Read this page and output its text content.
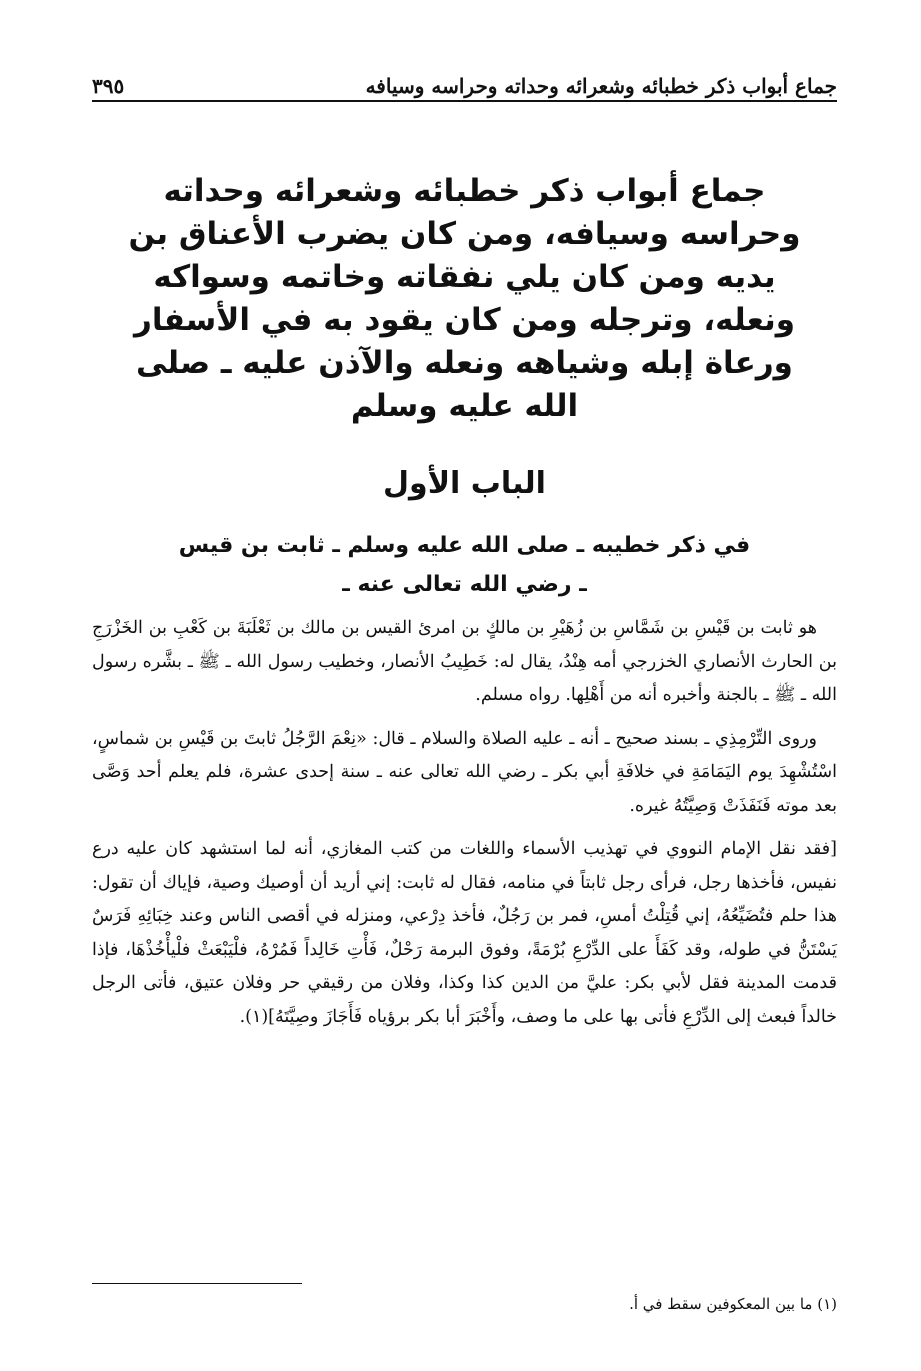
جماع أبواب ذكر خطبائه وشعرائه وحداته وحراسه وسيافه
٣٩٥
جماع أبواب ذكر خطبائه وشعرائه وحداته وحراسه وسيافه، ومن كان يضرب الأعناق بن يديه ومن كان يلي نفقاته وخاتمه وسواكه ونعله، وترجله ومن كان يقود به في الأسفار ورعاة إبله وشياهه ونعله والآذن عليه ـ صلى الله عليه وسلم
الباب الأول
في ذكر خطيبه ـ صلى الله عليه وسلم ـ ثابت بن قيس
ـ رضي الله تعالى عنه ـ

هو ثابت بن قَيْسِ بن شَمَّاسِ بن زُهَيْرِ بن مالكٍ بن امرئ القيس بن مالك بن ثَعْلَبَةَ بن كَعْبِ بن الخَزْرَجِ بن الحارث الأنصاري الخزرجي أمه هِنْدُ، يقال له: خَطِيبُ الأنصار، وخطيب رسول الله ـ ﷺ ـ بشَّره رسول الله ـ ﷺ ـ بالجنة وأخبره أنه من أَهْلِها. رواه مسلم.

وروى التِّرْمِذِي ـ بسند صحيح ـ أنه ـ عليه الصلاة والسلام ـ قال: «نِعْمَ الرَّجُلُ ثابتَ بن قَيْسِ بن شماسٍ، اسْتُشْهِدَ يوم اليَمَامَةِ في خلافَةِ أبي بكر ـ رضي الله تعالى عنه ـ سنة إحدى عشرة، فلم يعلم أحد وَصَّى بعد موته فَنَفَذَتْ وَصِيَّتُهُ غيره.

[فقد نقل الإمام النووي في تهذيب الأسماء واللغات من كتب المغازي، أنه لما استشهد كان عليه درع نفيس، فأخذها رجل، فرأى رجل ثابتاً في منامه، فقال له ثابت: إني أريد أن أوصيك وصية، فإياك أن تقول: هذا حلم فتُضَيِّعُهُ، إني قُتِلْتُ أمسِ، فمر بن رَجُلٌ، فأخذ دِرْعي، ومنزله في أقصى الناس وعند خِبَائِهِ فَرَسٌ يَسْتَنُّ في طوله، وقد كَفَأَ على الدِّرْعِ بُرْمَةً، وفوق البرمة رَحْلٌ، فَأْتِ خَالِداً فَمُرْهُ، فلْيَبْعَثْ فلْيأْخُذْهَا، فإذا قدمت المدينة فقل لأبي بكر: عليَّ من الدين كذا وكذا، وفلان من رقيقي حر وفلان عتيق، فأتى الرجل خالداً فبعث إلى الدِّرْعِ فأتى بها على ما وصف، وأَخْبَرَ أبا بكر برؤياه فَأَجَازَ وصِيَّتَهُ](١).

(١) ما بين المعكوفين سقط في أ.
